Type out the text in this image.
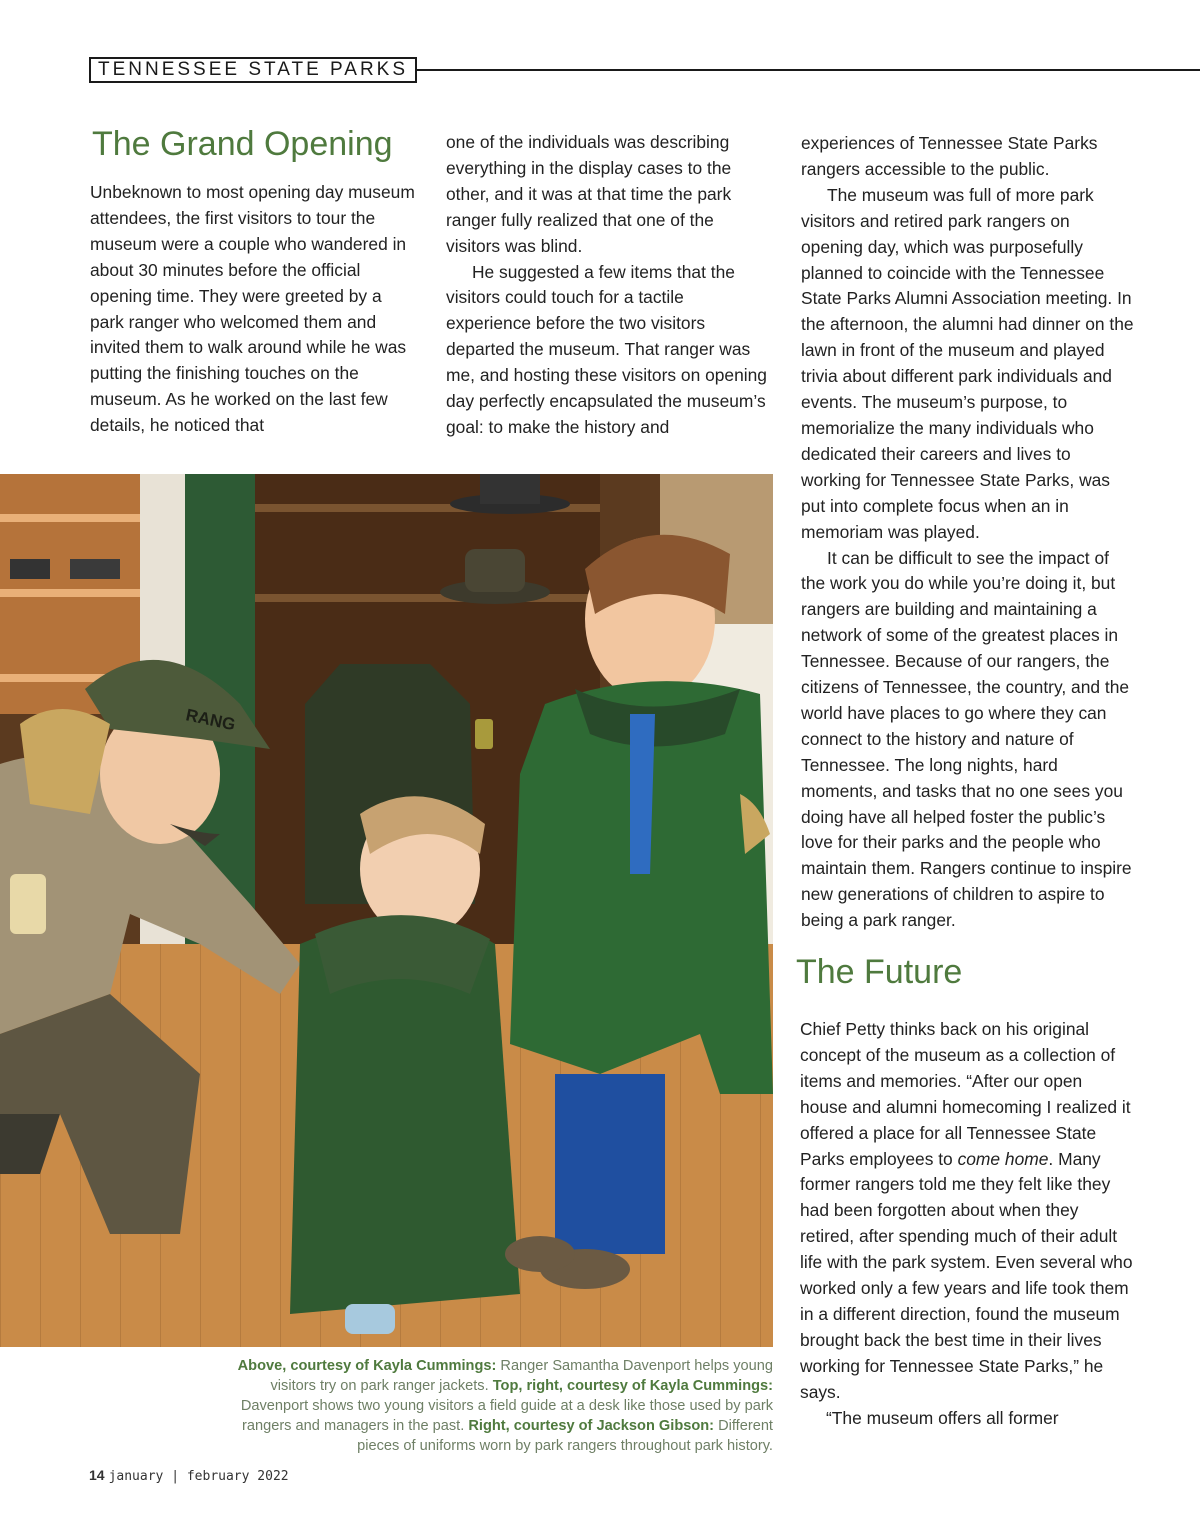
TENNESSEE STATE PARKS
The Grand Opening

Unbeknown to most opening day museum attendees, the first visitors to tour the museum were a couple who wandered in about 30 minutes before the official opening time. They were greeted by a park ranger who welcomed them and invited them to walk around while he was putting the finishing touches on the museum. As he worked on the last few details, he noticed that

one of the individuals was describing everything in the display cases to the other, and it was at that time the park ranger fully realized that one of the visitors was blind.

He suggested a few items that the visitors could touch for a tactile experience before the two visitors departed the museum. That ranger was me, and hosting these visitors on opening day perfectly encapsulated the museum’s goal: to make the history and

experiences of Tennessee State Parks rangers accessible to the public.

The museum was full of more park visitors and retired park rangers on opening day, which was purposefully planned to coincide with the Tennessee State Parks Alumni Association meeting. In the afternoon, the alumni had dinner on the lawn in front of the museum and played trivia about different park individuals and events. The museum’s purpose, to memorialize the many individuals who dedicated their careers and lives to working for Tennessee State Parks, was put into complete focus when an in memoriam was played.

It can be difficult to see the impact of the work you do while you’re doing it, but rangers are building and maintaining a network of some of the greatest places in Tennessee. Because of our rangers, the citizens of Tennessee, the country, and the world have places to go where they can connect to the history and nature of Tennessee. The long nights, hard moments, and tasks that no one sees you doing have all helped foster the public’s love for their parks and the people who maintain them. Rangers continue to inspire new generations of children to aspire to being a park ranger.

The Future

Chief Petty thinks back on his original concept of the museum as a collection of items and memories. “After our open house and alumni homecoming I realized it offered a place for all Tennessee State Parks employees to come home. Many former rangers told me they felt like they had been forgotten about when they retired, after spending much of their adult life with the park system. Even several who worked only a few years and life took them in a different direction, found the museum brought back the best time in their lives working for Tennessee State Parks,” he says.

“The museum offers all former

RANG
Above, courtesy of Kayla Cummings: Ranger Samantha Davenport helps young visitors try on park ranger jackets. Top, right, courtesy of Kayla Cummings: Davenport shows two young visitors a field guide at a desk like those used by park rangers and managers in the past. Right, courtesy of Jackson Gibson: Different pieces of uniforms worn by park rangers throughout park history.
14 january | february 2022
